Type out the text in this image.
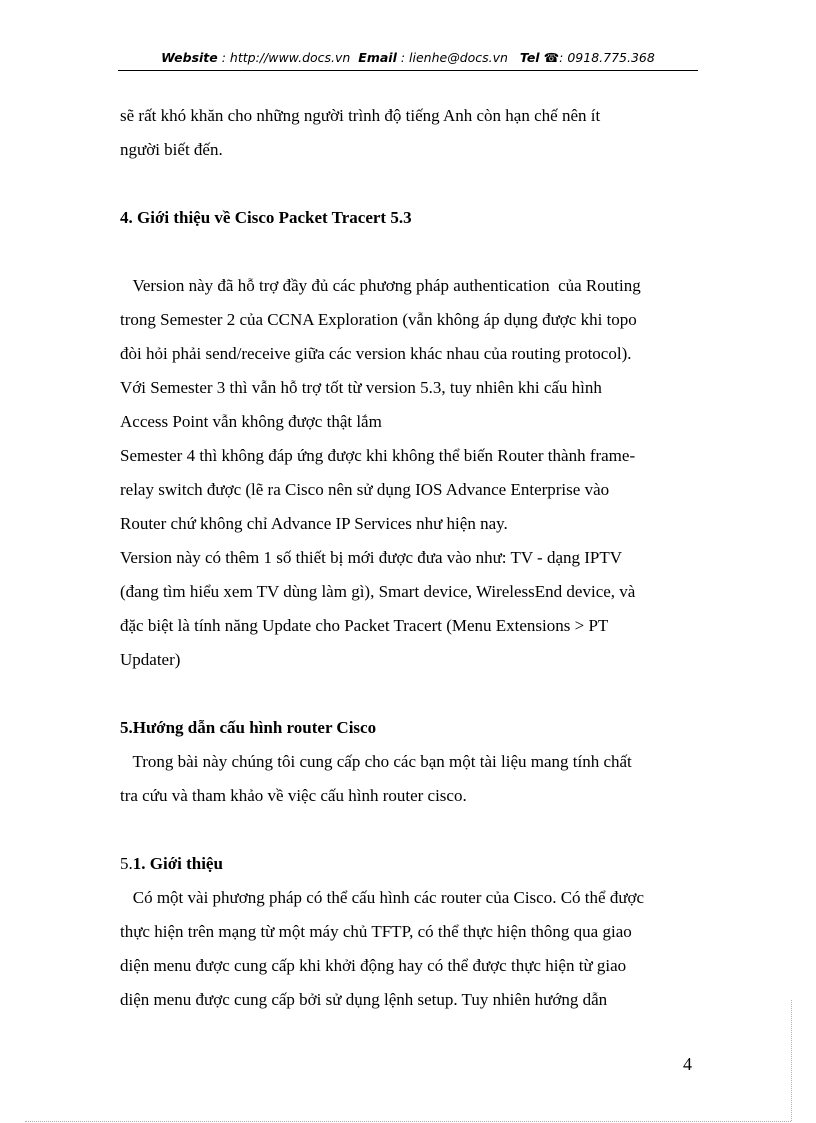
Website : http://www.docs.vn Email : lienhe@docs.vn Tel ☎: 0918.775.368
sẽ rất khó khăn cho những người trình độ tiếng Anh còn hạn chế nên ít
người biết đến.
4. Giới thiệu về Cisco Packet Tracert 5.3
Version này đã hỗ trợ đầy đủ các phương pháp authentication  của Routing
trong Semester 2 của CCNA Exploration (vẫn không áp dụng được khi topo
đòi hỏi phải send/receive giữa các version khác nhau của routing protocol).
Với Semester 3 thì vẫn hỗ trợ tốt từ version 5.3, tuy nhiên khi cấu hình
Access Point vẫn không được thật lắm
Semester 4 thì không đáp ứng được khi không thể biến Router thành frame-
relay switch được (lẽ ra Cisco nên sử dụng IOS Advance Enterprise vào
Router chứ không chỉ Advance IP Services như hiện nay.
Version này có thêm 1 số thiết bị mới được đưa vào như: TV - dạng IPTV
(đang tìm hiểu xem TV dùng làm gì), Smart device, WirelessEnd device, và
đặc biệt là tính năng Update cho Packet Tracert (Menu Extensions > PT
Updater)
5.Hướng dẫn cấu hình router Cisco
Trong bài này chúng tôi cung cấp cho các bạn một tài liệu mang tính chất
tra cứu và tham khảo về việc cấu hình router cisco.
5.1. Giới thiệu
Có một vài phương pháp có thể cấu hình các router của Cisco. Có thể được
thực hiện trên mạng từ một máy chủ TFTP, có thể thực hiện thông qua giao
diện menu được cung cấp khi khởi động hay có thể được thực hiện từ giao
diện menu được cung cấp bởi sử dụng lệnh setup. Tuy nhiên hướng dẫn
4
